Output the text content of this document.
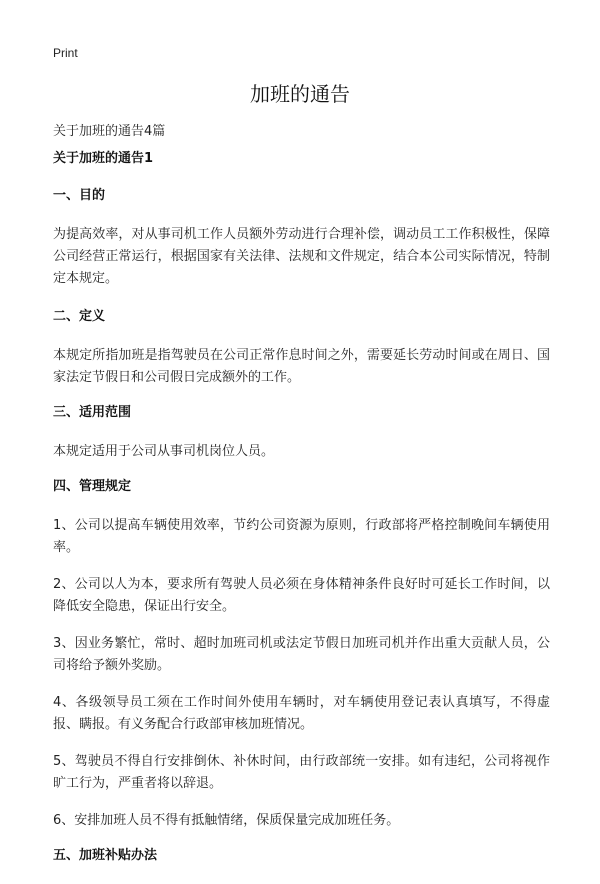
Print
加班的通告
关于加班的通告4篇
关于加班的通告1
一、目的

为提高效率，对从事司机工作人员额外劳动进行合理补偿，调动员工工作积极性，保障公司经营正常运行，根据国家有关法律、法规和文件规定，结合本公司实际情况，特制定本规定。

二、定义

本规定所指加班是指驾驶员在公司正常作息时间之外，需要延长劳动时间或在周日、国家法定节假日和公司假日完成额外的工作。

三、适用范围

本规定适用于公司从事司机岗位人员。

四、管理规定

1、公司以提高车辆使用效率，节约公司资源为原则，行政部将严格控制晚间车辆使用率。

2、公司以人为本，要求所有驾驶人员必须在身体精神条件良好时可延长工作时间，以降低安全隐患，保证出行安全。

3、因业务繁忙，常时、超时加班司机或法定节假日加班司机并作出重大贡献人员，公司将给予额外奖励。

4、各级领导员工须在工作时间外使用车辆时，对车辆使用登记表认真填写，不得虚报、瞒报。有义务配合行政部审核加班情况。

5、驾驶员不得自行安排倒休、补休时间，由行政部统一安排。如有违纪，公司将视作旷工行为，严重者将以辞退。

6、安排加班人员不得有抵触情绪，保质保量完成加班任务。

五、加班补贴办法
